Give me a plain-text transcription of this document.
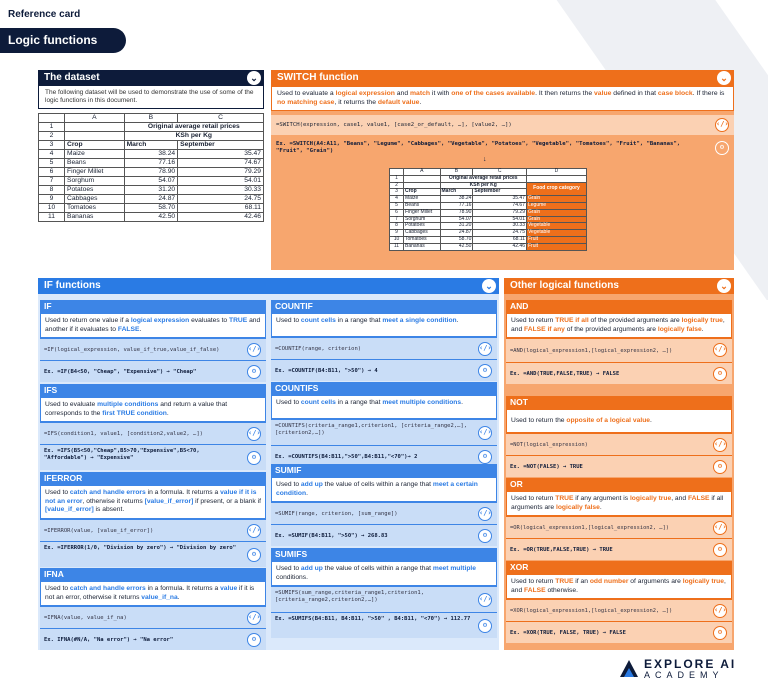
Reference card
Logic functions
The dataset	⌄
The following dataset will be used to demonstrate the use of some of the logic functions in this document.
	A	B	C
1		Original average retail prices	
2		KSh per Kg	
3	Crop	March	September
4	Maize	38.24	35.47
5	Beans	77.16	74.67
6	Finger Millet	78.90	79.29
7	Sorghum	54.07	54.01
8	Potatoes	31.20	30.33
9	Cabbages	24.87	24.75
10	Tomatoes	58.70	68.11
11	Bananas	42.50	42.46
SWITCH function	⌄
Used to evaluate a logical expression and match it with one of the cases available. It then returns the value defined in that case block. If there is no matching case, it returns the default value.
=SWITCH(expression, case1, value1, [case2_or_default, …], [value2, …])	‹/›
Ex. =SWITCH(A4:A11, "Beans", "Legume", "Cabbages", "Vegetable", "Potatoes", "Vegetable", "Tomatoes", "Fruit", "Bananas", "Fruit", "Grain")	⚙
↓
	A	B	C	D
1		Original average retail prices		
2		KSh per Kg		Food crop category
3	Crop	March	September	
4	Maize	38.24	35.47	Grain
5	Beans	77.16	74.67	Legume
6	Finger Millet	78.90	79.29	Grain
7	Sorghum	54.07	54.01	Grain
8	Potatoes	31.20	30.33	Vegetable
9	Cabbages	24.87	24.75	Vegetable
10	Tomatoes	58.70	68.11	Fruit
11	Bananas	42.50	42.46	Fruit
IF functions	⌄
IF
Used to return one value if a logical expression evaluates to TRUE and another if it evaluates to FALSE.
=IF(logical_expression, value_if_true,value_if_false)	‹/›
Ex. =IF(B4<50, "Cheap", "Expensive") → "Cheap"	⚙
IFS
Used to evaluate multiple conditions and return a value that corresponds to the first TRUE condition.
=IFS(condition1, value1, [condition2,value2, …])	‹/›
Ex. =IFS(B5<50,"Cheap",B5>70,"Expensive",B5<70, "Affordable") → "Expensive"	⚙
IFERROR
Used to catch and handle errors in a formula. It returns a value if it is not an error, otherwise it returns [value_if_error] if present, or a blank if [value_if_error] is absent.
=IFERROR(value, [value_if_error])	‹/›
Ex. =IFERROR(1/0, "Division by zero") → "Division by zero"
⚙
IFNA
Used to catch and handle errors in a formula. It returns a value if it is not an error, otherwise it returns value_if_na.
=IFNA(value, value_if_na)	‹/›
Ex. IFNA(#N/A, "Na error") → "Na error"	⚙
COUNTIF
Used to count cells in a range that meet a single condition.
=COUNTIF(range, criterion)	‹/›
Ex. =COUNTIF(B4:B11, ">50") → 4	⚙
COUNTIFS
Used to count cells in a range that meet multiple conditions.
=COUNTIFS(criteria_range1,criterion1, [criteria_range2,…], [criterion2,…])	‹/›
Ex. =COUNTIFS(B4:B11,">50",B4:B11,"<70")→ 2	⚙
SUMIF
Used to add up the value of cells within a range that meet a certain condition.
=SUMIF(range, criterion, [sum_range])	‹/›
Ex. =SUMIF(B4:B11, ">50") → 268.83	⚙
SUMIFS
Used to add up the value of cells within a range that meet multiple conditions.
=SUMIFS(sum_range,criteria_range1,criterion1, [criteria_range2,criterion2,…])	‹/›
Ex. =SUMIFS(B4:B11, B4:B11, ">50" , B4:B11, "<70") → 112.77
⚙
Other logical functions	⌄
AND
Used to return TRUE if all of the provided arguments are logically true, and FALSE if any of the provided arguments are logically false.
=AND(logical_expression1,[logical_expression2, …])	‹/›
Ex. =AND(TRUE,FALSE,TRUE) → FALSE	⚙
NOT
Used to return the opposite of a logical value.
=NOT(logical_expression)	‹/›
Ex. =NOT(FALSE) → TRUE	⚙
OR
Used to return TRUE if any argument is logically true, and FALSE if all arguments are logically false.
=OR(logical_expression1,[logical_expression2, …])	‹/›
Ex. =OR(TRUE,FALSE,TRUE) → TRUE	⚙
XOR
Used to return TRUE if an odd number of arguments are logically true, and FALSE otherwise.
=XOR(logical_expression1,[logical_expression2, …])	‹/›
Ex. =XOR(TRUE, FALSE, TRUE) → FALSE	⚙
EXPLORE AI
ACADEMY
